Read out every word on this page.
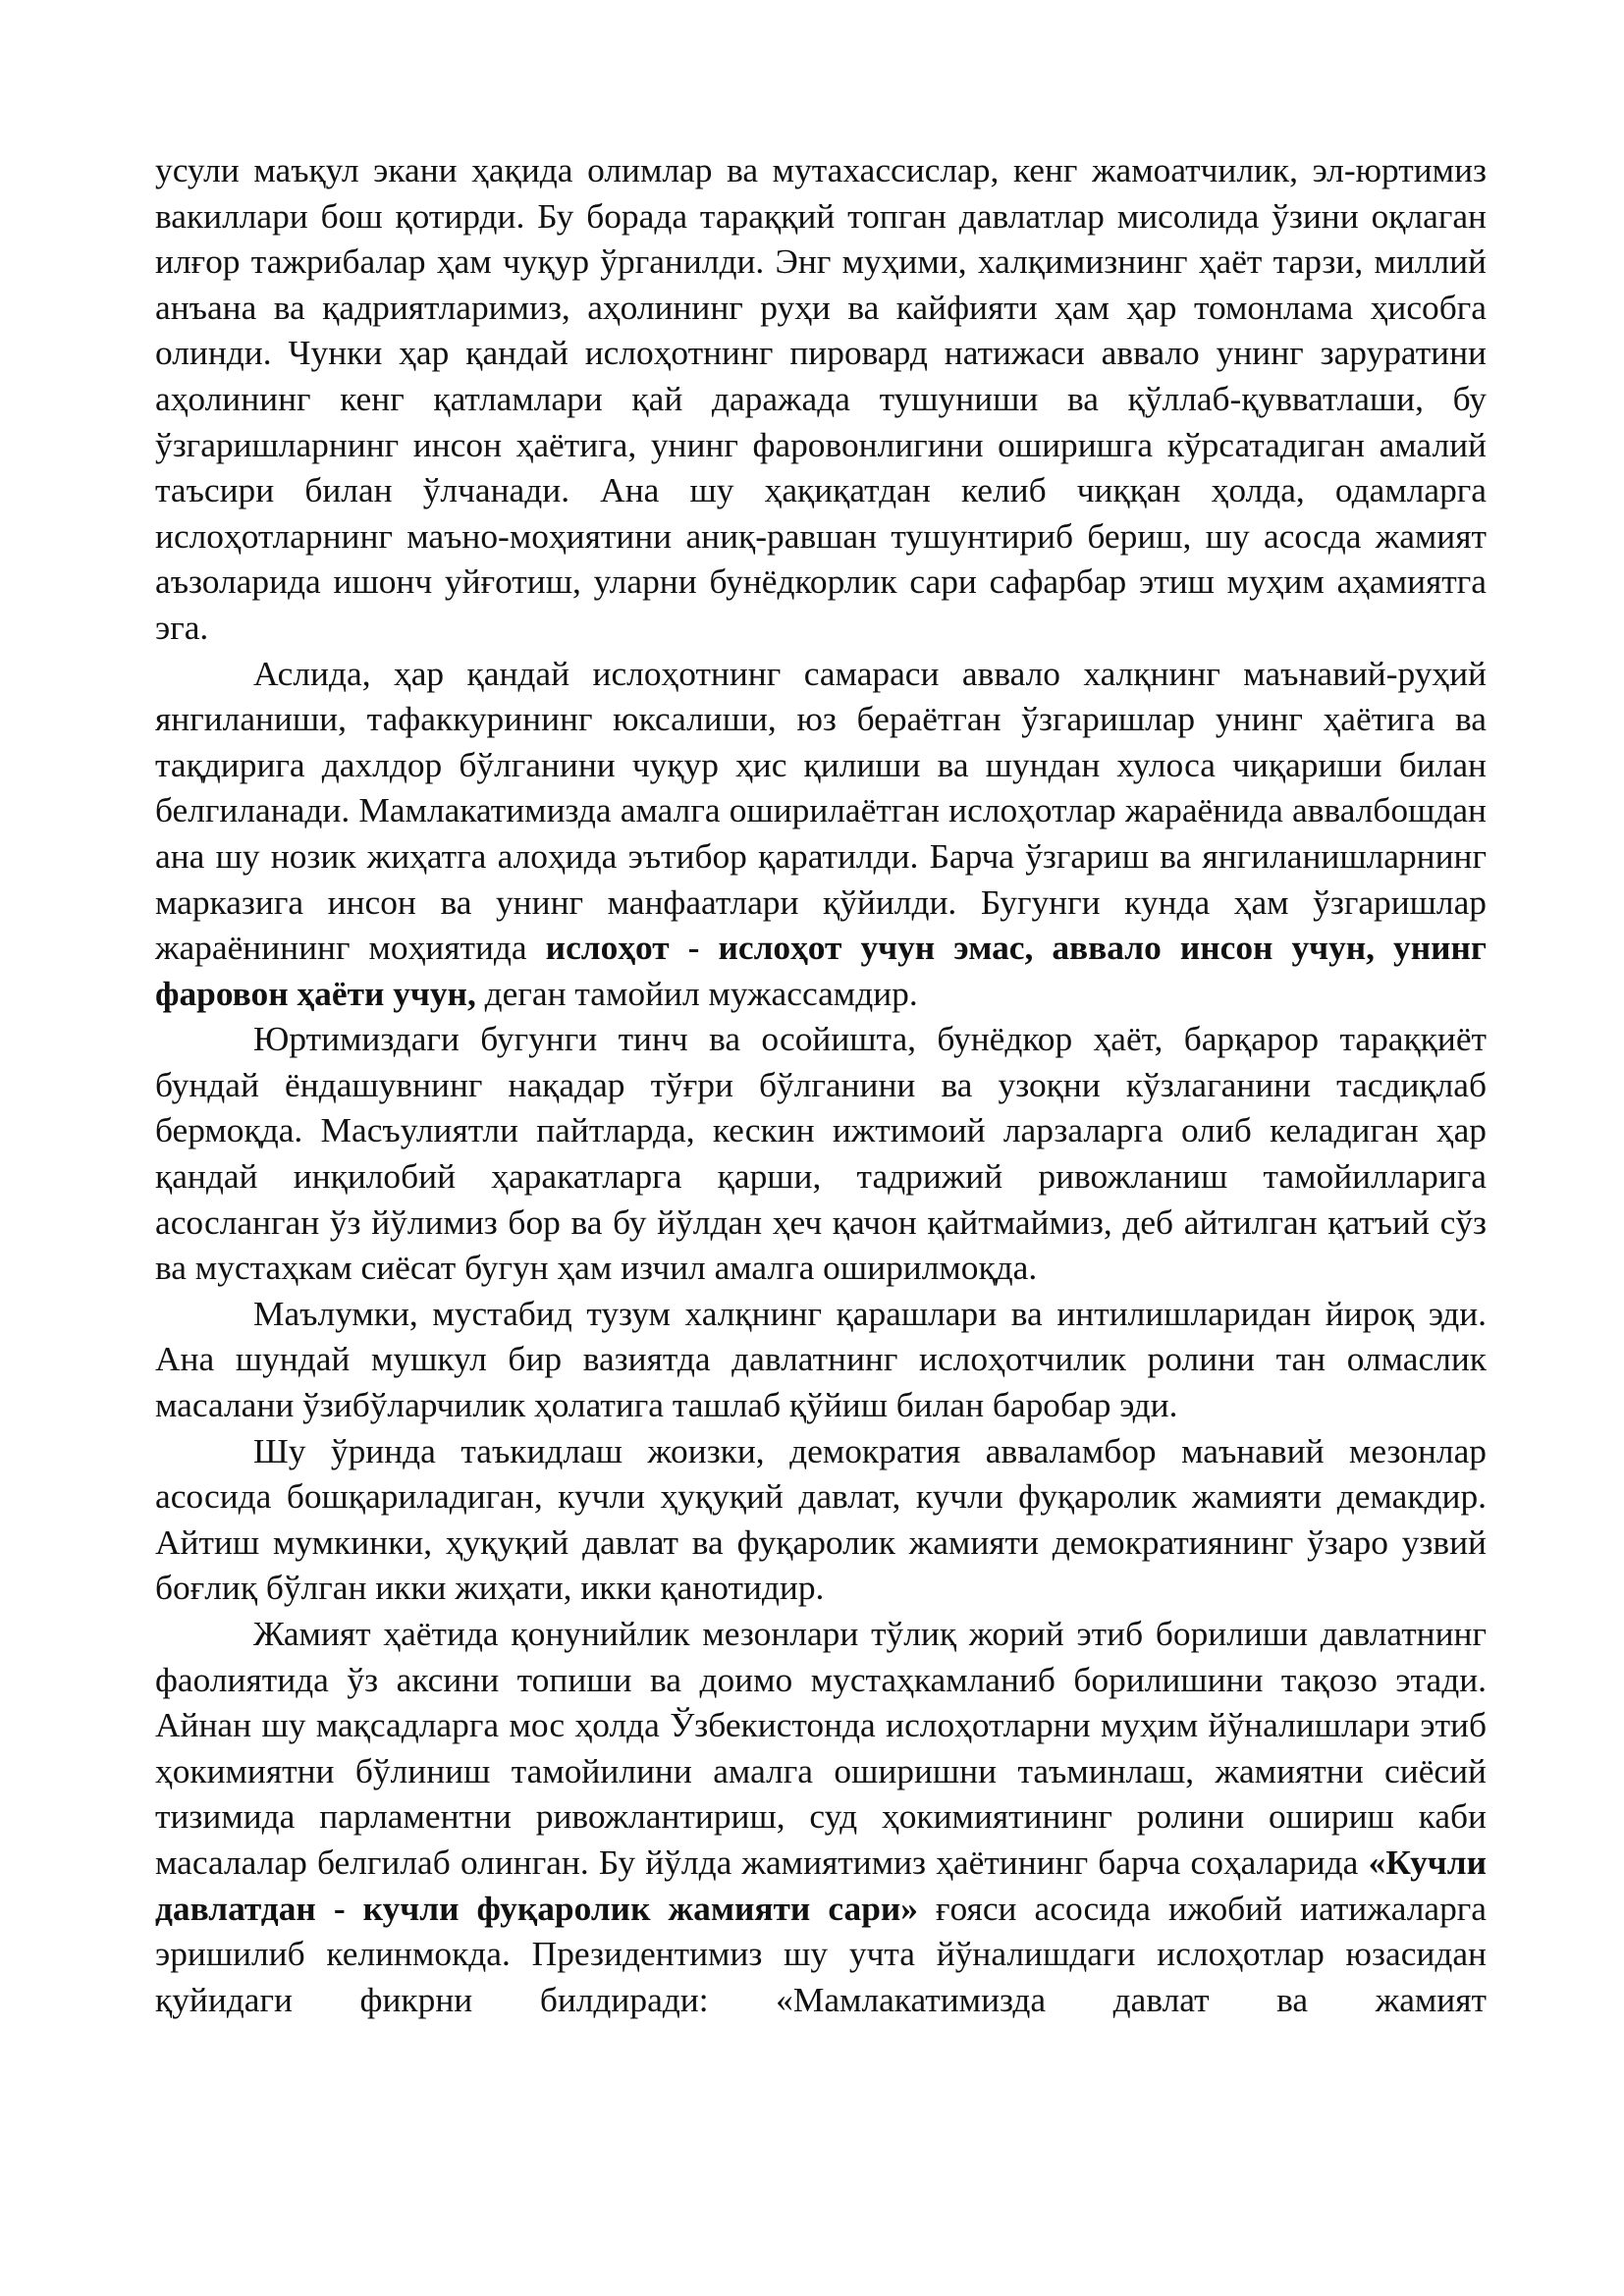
усули маъқул экани ҳақида олимлар ва мутахассислар, кенг жамоатчилик, эл-юртимиз вакиллари бош қотирди. Бу борада тараққий топган давлатлар мисолида ўзини оқлаган илғор тажрибалар ҳам чуқур ўрганилди. Энг муҳими, халқимизнинг ҳаёт тарзи, миллий анъана ва қадриятларимиз, аҳолининг руҳи ва кайфияти ҳам ҳар томонлама ҳисобга олинди. Чунки ҳар қандай ислоҳотнинг пировард натижаси аввало унинг заруратини аҳолининг кенг қатламлари қай даражада тушуниши ва қўллаб-қувватлаши, бу ўзгаришларнинг инсон ҳаётига, унинг фаровонлигини оширишга кўрсатадиган амалий таъсири билан ўлчанади. Ана шу ҳақиқатдан келиб чиққан ҳолда, одамларга ислоҳотларнинг маъно-моҳиятини аниқ-равшан тушунтириб бериш, шу асосда жамият аъзоларида ишонч уйғотиш, уларни бунёдкорлик сари сафарбар этиш муҳим аҳамиятга эга.

Аслида, ҳар қандай ислоҳотнинг самараси аввало халқнинг маънавий-руҳий янгиланиши, тафаккурининг юксалиши, юз бераётган ўзгаришлар унинг ҳаётига ва тақдирига дахлдор бўлганини чуқур ҳис қилиши ва шундан хулоса чиқариши билан белгиланади. Мамлакатимизда амалга оширилаётган ислоҳотлар жараёнида аввалбошдан ана шу нозик жиҳатга алоҳида эътибор қаратилди. Барча ўзгариш ва янгиланишларнинг марказига инсон ва унинг манфаатлари қўйилди. Бугунги кунда ҳам ўзгаришлар жараёнининг моҳиятида ислоҳот - ислоҳот учун эмас, аввало инсон учун, унинг фаровон ҳаёти учун, деган тамойил мужассамдир.

Юртимиздаги бугунги тинч ва осойишта, бунёдкор ҳаёт, барқарор тараққиёт бундай ёндашувнинг нақадар тўғри бўлганини ва узоқни кўзлаганини тасдиқлаб бермоқда. Масъулиятли пайтларда, кескин ижтимоий ларзаларга олиб келадиган ҳар қандай инқилобий ҳаракатларга қарши, тадрижий ривожланиш тамойилларига асосланган ўз йўлимиз бор ва бу йўлдан ҳеч қачон қайтмаймиз, деб айтилган қатъий сўз ва мустаҳкам сиёсат бугун ҳам изчил амалга оширилмоқда.

Маълумки, мустабид тузум халқнинг қарашлари ва интилишларидан йироқ эди. Ана шундай мушкул бир вазиятда давлатнинг ислоҳотчилик ролини тан олмаслик масалани ўзибўларчилик ҳолатига ташлаб қўйиш билан баробар эди.

Шу ўринда таъкидлаш жоизки, демократия авваламбор маънавий мезонлар асосида бошқариладиган, кучли ҳуқуқий давлат, кучли фуқаролик жамияти демакдир. Айтиш мумкинки, ҳуқуқий давлат ва фуқаролик жамияти демократиянинг ўзаро узвий боғлиқ бўлган икки жиҳати, икки қанотидир.

Жамият ҳаётида қонунийлик мезонлари тўлиқ жорий этиб борилиши давлатнинг фаолиятида ўз аксини топиши ва доимо мустаҳкамланиб борилишини тақозо этади. Айнан шу мақсадларга мос ҳолда Ўзбекистонда ислоҳотларни муҳим йўналишлари этиб ҳокимиятни бўлиниш тамойилини амалга оширишни таъминлаш, жамиятни сиёсий тизимида парламентни ривожлантириш, суд ҳокимиятининг ролини ошириш каби масалалар белгилаб олинган. Бу йўлда жамиятимиз ҳаётининг барча соҳаларида «Кучли давлатдан - кучли фуқаролик жамияти сари» ғояси асосида ижобий иатижаларга эришилиб келинмокда. Президентимиз шу учта йўналишдаги ислоҳотлар юзасидан қуйидаги фикрни билдиради: «Мамлакатимизда давлат ва жамият
